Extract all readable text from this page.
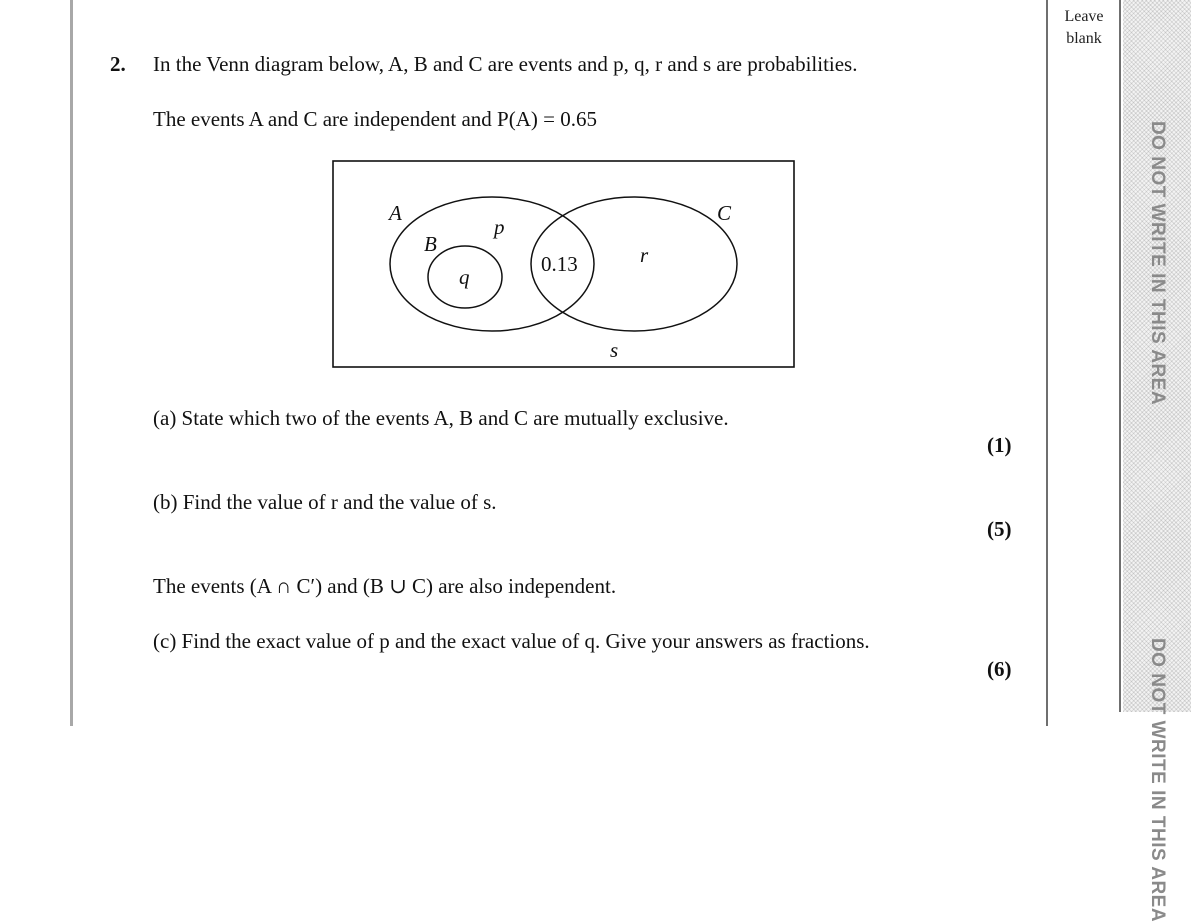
Leave
blank
DO NOT WRITE IN THIS AREA
DO NOT WRITE IN THIS AREA
2. In the Venn diagram below, A, B and C are events and p, q, r and s are probabilities.
The events A and C are independent and P(A) = 0.65
A	C
B
p
q
r
s
0.13
(a) State which two of the events A, B and C are mutually exclusive.
(1)
(b) Find the value of r and the value of s.
(5)
The events (A ∩ C′) and (B ∪ C) are also independent.
(c) Find the exact value of p and the exact value of q. Give your answers as fractions.
(6)
